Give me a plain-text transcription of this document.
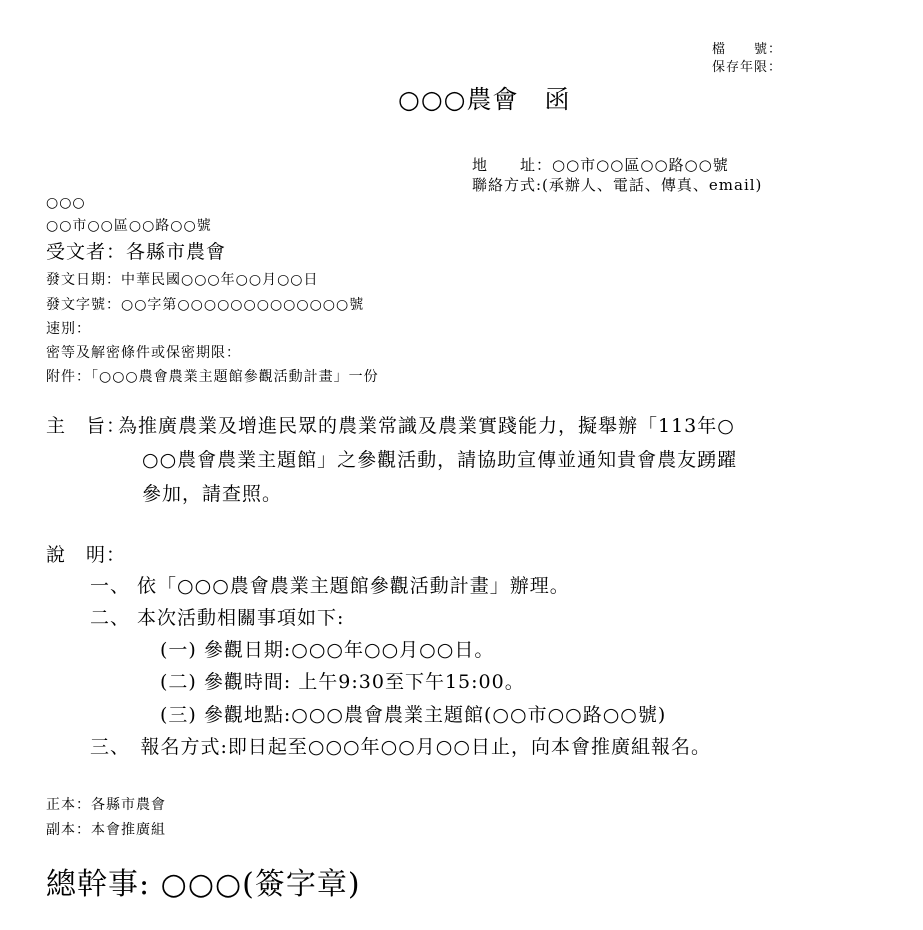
檔　　號：
保存年限：
○○○農會　函
地　　址：○○市○○區○○路○○號
聯絡方式:(承辦人、電話、傳真、email)
○○○
○○市○○區○○路○○號
受文者：各縣市農會
發文日期：中華民國○○○年○○月○○日
發文字號：○○字第○○○○○○○○○○○○○號
速別：
密等及解密條件或保密期限：
附件：「○○○農會農業主題館參觀活動計畫」一份
主　旨：
為推廣農業及增進民眾的農業常識及農業實踐能力，擬舉辦「113年○
○○農會農業主題館」之參觀活動，請協助宣傳並通知貴會農友踴躍
參加，請查照。
說　明：
一、 依「○○○農會農業主題館參觀活動計畫」辦理。
二、 本次活動相關事項如下:
(一) 參觀日期:○○○年○○月○○日。
(二) 參觀時間: 上午9:30至下午15:00。
(三) 參觀地點:○○○農會農業主題館(○○市○○路○○號)
三、　報名方式:即日起至○○○年○○月○○日止，向本會推廣組報名。
正本：各縣市農會
副本：本會推廣組
總幹事: ○○○(簽字章)
